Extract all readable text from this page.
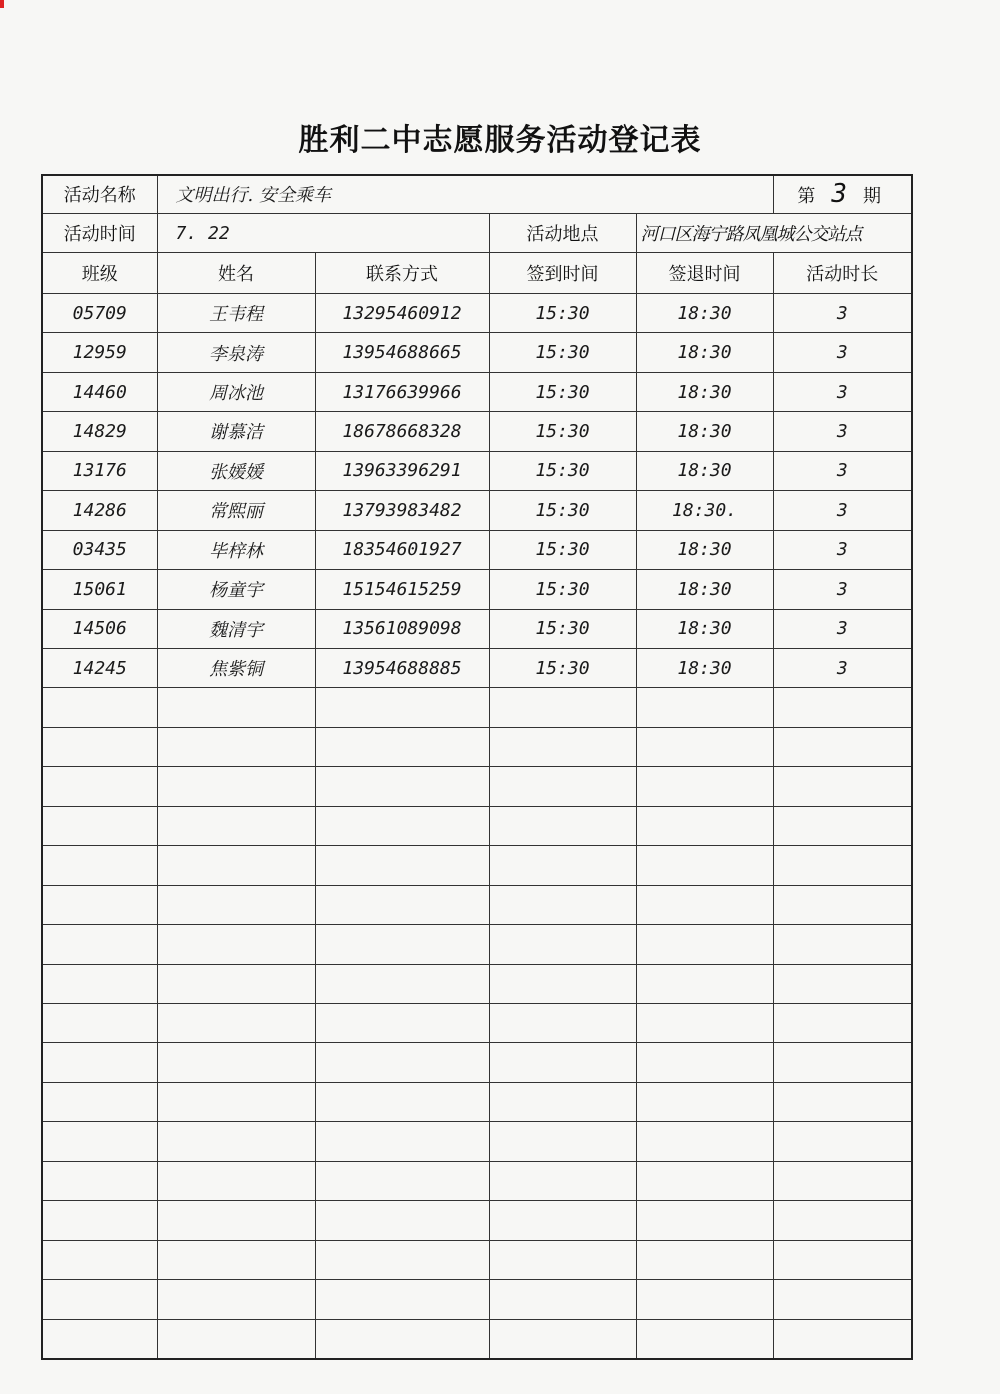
胜利二中志愿服务活动登记表
活动名称	文明出行. 安全乘车				第 3 期
活动时间	7. 22		活动地点	河口区海宁路凤凰城公交站点	
班级	姓名	联系方式	签到时间	签退时间	活动时长
05709	王韦程	13295460912	15:30	18:30	3
12959	李泉涛	13954688665	15:30	18:30	3
14460	周冰池	13176639966	15:30	18:30	3
14829	谢慕洁	18678668328	15:30	18:30	3
13176	张媛媛	13963396291	15:30	18:30	3
14286	常熙丽	13793983482	15:30	18:30.	3
03435	毕梓林	18354601927	15:30	18:30	3
15061	杨童宇	15154615259	15:30	18:30	3
14506	魏清宇	13561089098	15:30	18:30	3
14245	焦紫铜	13954688885	15:30	18:30	3
